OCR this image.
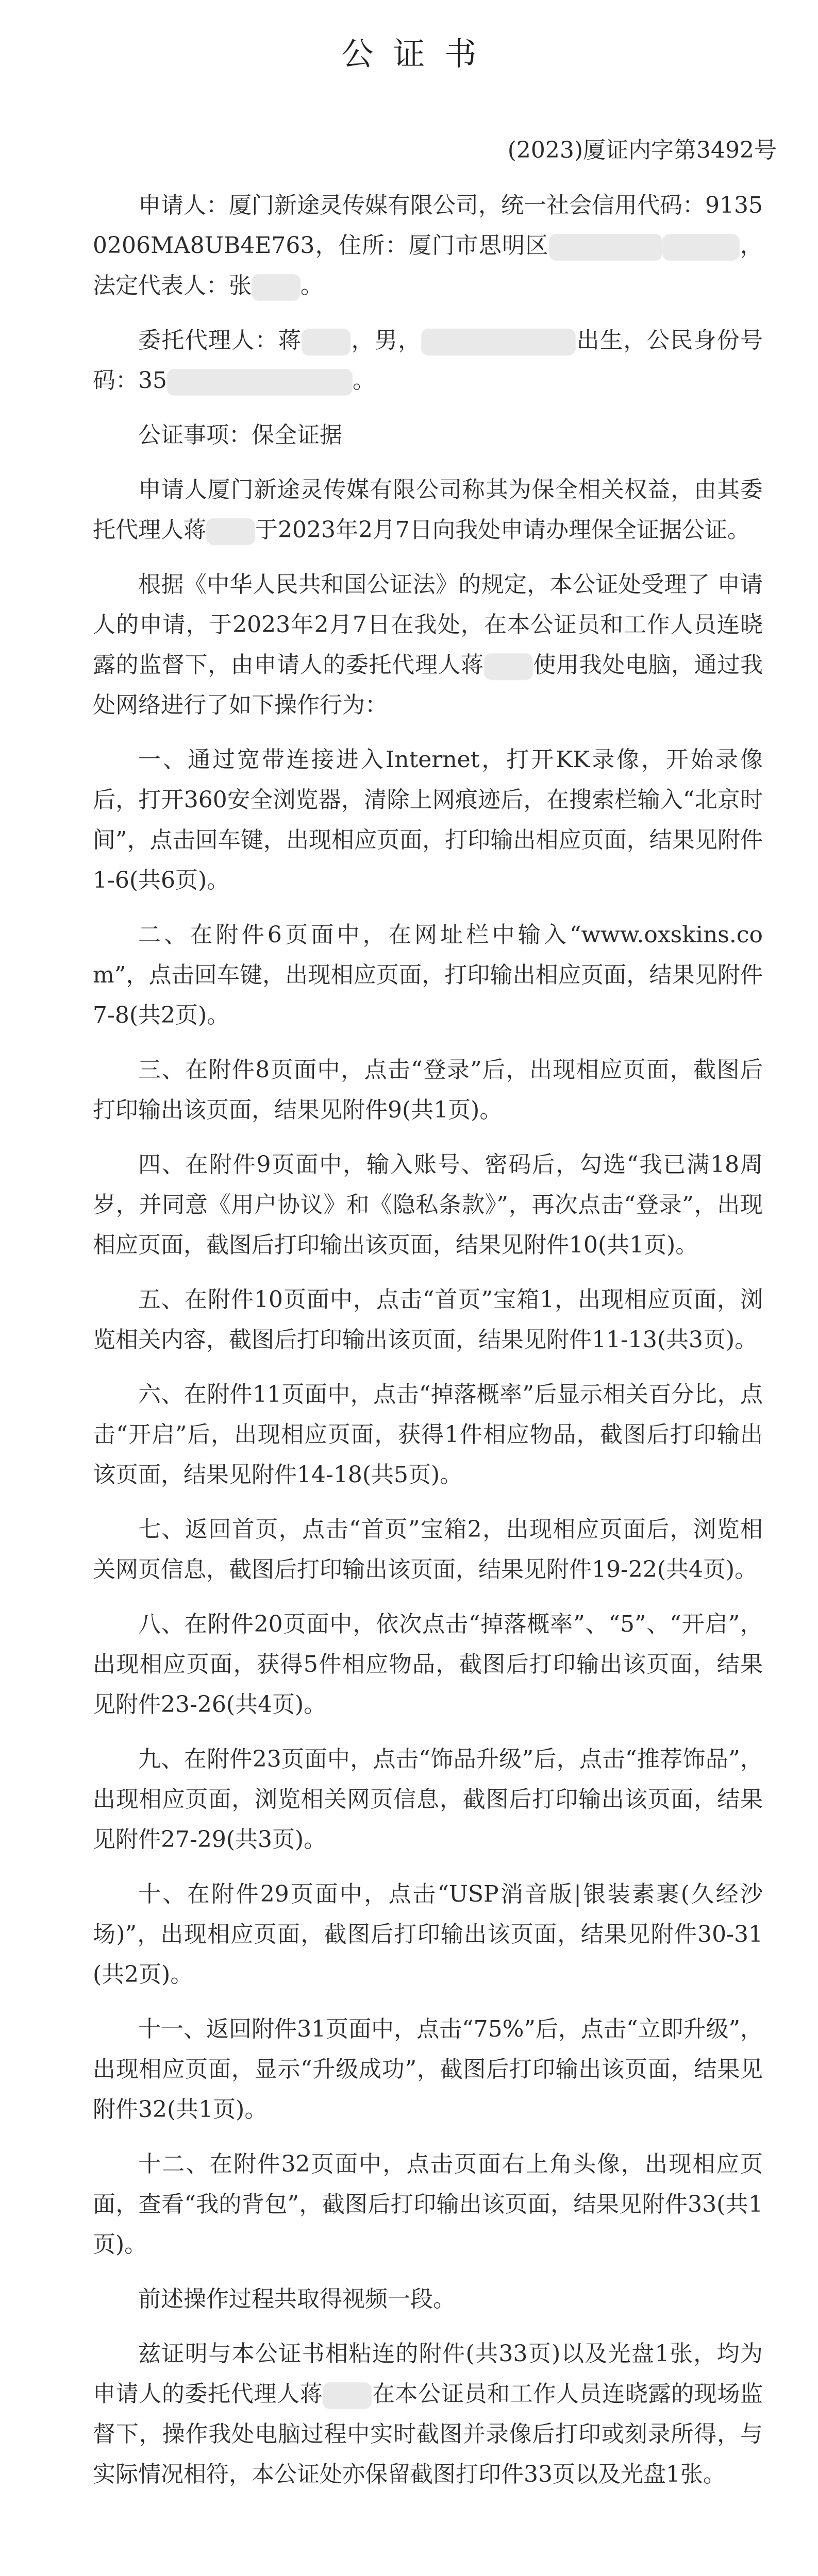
公证书
(2023)厦证内字第3492号

申请人：厦门新途灵传媒有限公司，统一社会信用代码：91350206MA8UB4E763，住所：厦门市思明区	，法定代表人：张 。

委托代理人：蒋 ，男，	出生，公民身份号码：35	。

公证事项：保全证据

申请人厦门新途灵传媒有限公司称其为保全相关权益，由其委托代理人蒋 于2023年2月7日向我处申请办理保全证据公证。

根据《中华人民共和国公证法》的规定，本公证处受理了 申请人的申请，于2023年2月7日在我处，在本公证员和工作人员连晓露的监督下，由申请人的委托代理人蒋 使用我处电脑，通过我处网络进行了如下操作行为：

一、通过宽带连接进入Internet，打开KK录像，开始录像后，打开360安全浏览器，清除上网痕迹后，在搜索栏输入“北京时间”，点击回车键，出现相应页面，打印输出相应页面，结果见附件1-6(共6页)。

二、在附件6页面中，在网址栏中输入“www.oxskins.com”，点击回车键，出现相应页面，打印输出相应页面，结果见附件7-8(共2页)。

三、在附件8页面中，点击“登录”后，出现相应页面，截图后打印输出该页面，结果见附件9(共1页)。

四、在附件9页面中，输入账号、密码后，勾选“我已满18周岁，并同意《用户协议》和《隐私条款》”，再次点击“登录”，出现相应页面，截图后打印输出该页面，结果见附件10(共1页)。

五、在附件10页面中，点击“首页”宝箱1，出现相应页面，浏览相关内容，截图后打印输出该页面，结果见附件11-13(共3页)。

六、在附件11页面中，点击“掉落概率”后显示相关百分比，点击“开启”后，出现相应页面，获得1件相应物品，截图后打印输出该页面，结果见附件14-18(共5页)。

七、返回首页，点击“首页”宝箱2，出现相应页面后，浏览相关网页信息，截图后打印输出该页面，结果见附件19-22(共4页)。

八、在附件20页面中，依次点击“掉落概率”、“5”、“开启”，出现相应页面，获得5件相应物品，截图后打印输出该页面，结果见附件23-26(共4页)。

九、在附件23页面中，点击“饰品升级”后，点击“推荐饰品”，出现相应页面，浏览相关网页信息，截图后打印输出该页面，结果见附件27-29(共3页)。

十、在附件29页面中，点击“USP消音版|银装素裹(久经沙场)”，出现相应页面，截图后打印输出该页面，结果见附件30-31(共2页)。

十一、返回附件31页面中，点击“75%”后，点击“立即升级”，出现相应页面，显示“升级成功”，截图后打印输出该页面，结果见附件32(共1页)。

十二、在附件32页面中，点击页面右上角头像，出现相应页面，查看“我的背包”，截图后打印输出该页面，结果见附件33(共1页)。

前述操作过程共取得视频一段。

兹证明与本公证书相粘连的附件(共33页)以及光盘1张，均为申请人的委托代理人蒋 在本公证员和工作人员连晓露的现场监督下，操作我处电脑过程中实时截图并录像后打印或刻录所得，与实际情况相符，本公证处亦保留截图打印件33页以及光盘1张。
